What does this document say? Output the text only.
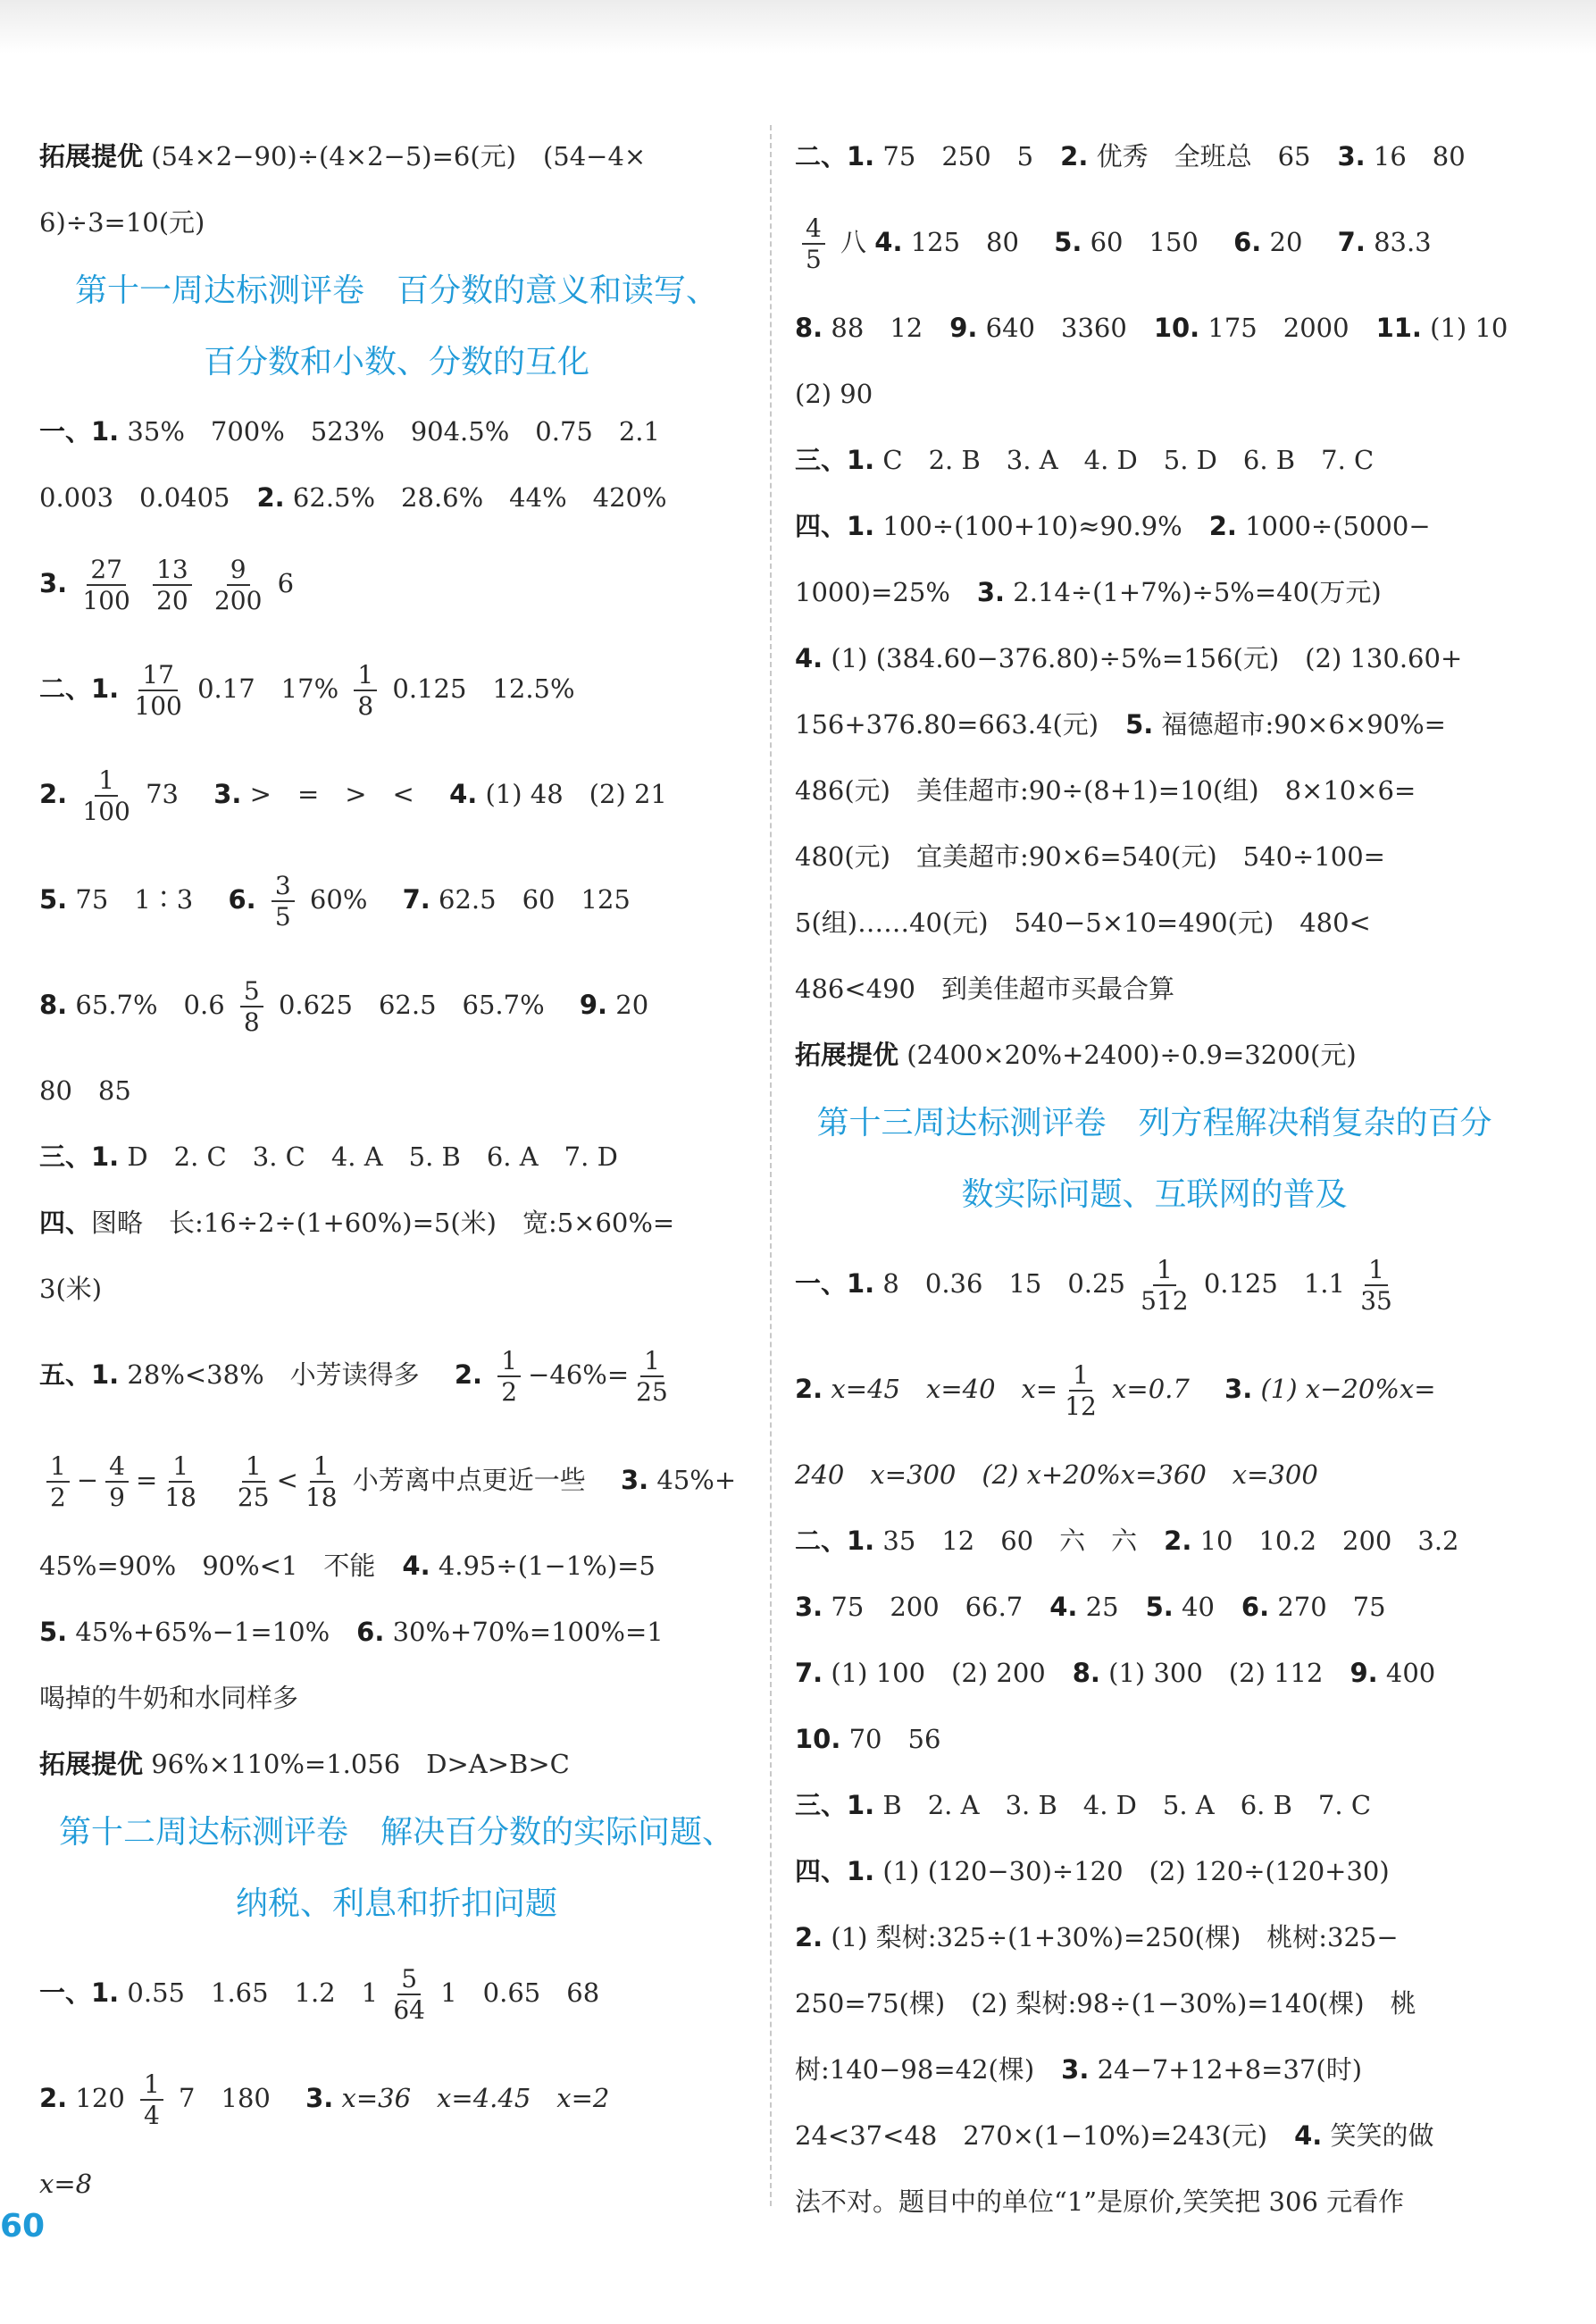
拓展提优 (54×2−90)÷(4×2−5)=6(元) (54−4×
6)÷3=10(元)
第十一周达标测评卷　百分数的意义和读写、
百分数和小数、分数的互化
一、1. 35%　700%　523%　904.5%　0.75　2.1
0.003　0.0405 2. 62.5%　28.6%　44%　420%
3. $\frac{27}{100}$
$\frac{13}{20}$
$\frac{9}{200} 6$
二、1. $\frac{17}{100} 0.17$　$17\% \frac{1}{8} 0.125$　12.5%
2. $\frac{1}{100} 73$ 3. >　=　>　< 4. (1) 48　(2) 21
5. 75　1∶3 6. $\frac{3}{5} 60\%$ 7. 62.5　60　125
8. 65.7%　$0.6 \frac{5}{8} 0.625$　62.5　65.7% 9. 20
80　85
三、1. D　2. C　3. C　4. A　5. B　6. A　7. D
四、图略　长:16÷2÷(1+60%)=5(米)　宽:5×60%=
3(米)
五、1. 28%<38%　小芳读得多 2. $\frac{1}{2} -46\%= \frac{1}{25}$
$\frac{1}{2} - \frac{4}{9} = \frac{1}{18} \frac{1}{25} < \frac{1}{18}$ 小芳离中点更近一些 3. 45%+
45%=90%　90%<1　不能 4. 4.95÷(1−1%)=5
5. 45%+65%−1=10% 6. 30%+70%=100%=1
喝掉的牛奶和水同样多
拓展提优 96%×110%=1.056　D>A>B>C
第十二周达标测评卷　解决百分数的实际问题、
纳税、利息和折扣问题
一、1. 0.55　1.65　1.2　$1 \frac{5}{64} 1$　0.65　68
2. $120 \frac{1}{4} 7$　180 3. x=36　x=4.45　x=2
x=8
二、1. 75　250　5 2. 优秀　全班总　65 3. 16　80
$\frac{4}{5}$ 八 4. 125　80 5. 60　150 6. 20 7. 83.3
8. 88　12 9. 640　3360 10. 175　2000 11. (1) 10
(2) 90
三、1. C　2. B　3. A　4. D　5. D　6. B　7. C
四、1. 100÷(100+10)≈90.9% 2. 1000÷(5000−
1000)=25% 3. 2.14÷(1+7%)÷5%=40(万元)
4. (1) (384.60−376.80)÷5%=156(元)　(2) 130.60+
156+376.80=663.4(元) 5. 福德超市:90×6×90%=
486(元)　美佳超市:90÷(8+1)=10(组)　8×10×6=
480(元)　宜美超市:90×6=540(元)　540÷100=
5(组)……40(元)　540−5×10=490(元)　480<
486<490　到美佳超市买最合算
拓展提优 (2400×20%+2400)÷0.9=3200(元)
第十三周达标测评卷　列方程解决稍复杂的百分
数实际问题、互联网的普及
一、1. 8　0.36　15　$0.25 \frac{1}{512} 0.125$　$1.1 \frac{1}{35}$
2. x=45　x=40　$x= \frac{1}{12} x=0.7$ 3. (1) x−20%x=
240　x=300　(2) x+20%x=360　x=300
二、1. 35　12　60　六　六 2. 10　10.2　200　3.2
3. 75　200　66.7 4. 25 5. 40 6. 270　75
7. (1) 100　(2) 200 8. (1) 300　(2) 112 9. 400
10. 70　56
三、1. B　2. A　3. B　4. D　5. A　6. B　7. C
四、1. (1) (120−30)÷120　(2) 120÷(120+30)
2. (1) 梨树:325÷(1+30%)=250(棵)　桃树:325−
250=75(棵)　(2) 梨树:98÷(1−30%)=140(棵)　桃
树:140−98=42(棵) 3. 24−7+12+8=37(时)
24<37<48　270×(1−10%)=243(元) 4. 笑笑的做
法不对。题目中的单位“1”是原价,笑笑把 306 元看作
60
